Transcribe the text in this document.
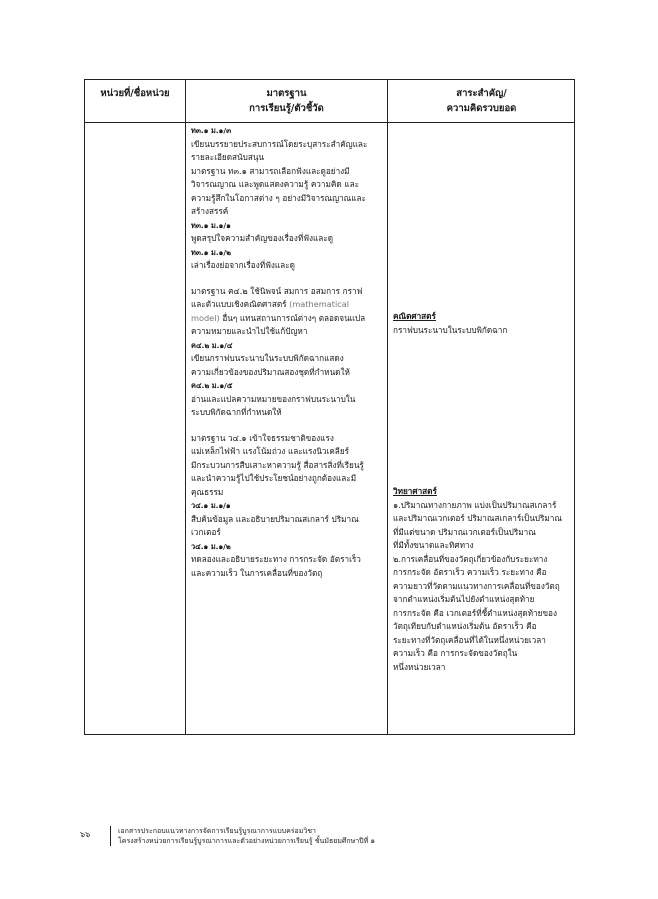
หน่วยที่/ชื่อหน่วย	มาตรฐาน
การเรียนรู้/ตัวชี้วัด
สาระสำคัญ/
ความคิดรวบยอด
ท๓.๑ ม.๑/๓
เขียนบรรยายประสบการณ์โดยระบุสาระสำคัญและ
รายละเอียดสนับสนุน
มาตรฐาน ท๓.๑ สามารถเลือกฟังและดูอย่างมี
วิจารณญาณ และพูดแสดงความรู้ ความคิด และ
ความรู้สึกในโอกาสต่าง ๆ อย่างมีวิจารณญาณและ
สร้างสรรค์
ท๓.๑ ม.๑/๑
พูดสรุปใจความสำคัญของเรื่องที่ฟังและดู
ท๓.๑ ม.๑/๒
เล่าเรื่องย่อจากเรื่องที่ฟังและดู
มาตรฐาน ค๔.๒ ใช้นิพจน์ สมการ อสมการ กราฟ
และตัวแบบเชิงคณิตศาสตร์ (mathematical
model) อื่นๆ แทนสถานการณ์ต่างๆ ตลอดจนแปล
ความหมายและนำไปใช้แก้ปัญหา
ค๔.๒ ม.๑/๔
เขียนกราฟบนระนาบในระบบพิกัดฉากแสดง
ความเกี่ยวข้องของปริมาณสองชุดที่กำหนดให้
ค๔.๒ ม.๑/๕
อ่านและแปลความหมายของกราฟบนระนาบใน
ระบบพิกัดฉากที่กำหนดให้
มาตรฐาน ว๔.๑ เข้าใจธรรมชาติของแรง
แม่เหล็กไฟฟ้า แรงโน้มถ่วง และแรงนิวเคลียร์
มีกระบวนการสืบเสาะหาความรู้ สื่อสารสิ่งที่เรียนรู้
และนำความรู้ไปใช้ประโยชน์อย่างถูกต้องและมี
คุณธรรม
ว๔.๑ ม.๑/๑
สืบค้นข้อมูล และอธิบายปริมาณสเกลาร์ ปริมาณ
เวกเตอร์
ว๔.๑ ม.๑/๒
ทดลองและอธิบายระยะทาง การกระจัด อัตราเร็ว
และความเร็ว ในการเคลื่อนที่ของวัตถุ
คณิตศาสตร์
กราฟบนระนาบในระบบพิกัดฉาก
วิทยาศาสตร์
๑.ปริมาณทางกายภาพ แบ่งเป็นปริมาณสเกลาร์
และปริมาณเวกเตอร์ ปริมาณสเกลาร์เป็นปริมาณ
ที่มีแต่ขนาด ปริมาณเวกเตอร์เป็นปริมาณ
ที่มีทั้งขนาดและทิศทาง
๒.การเคลื่อนที่ของวัตถุเกี่ยวข้องกับระยะทาง
การกระจัด อัตราเร็ว ความเร็ว ระยะทาง คือ
ความยาวที่วัดตามแนวทางการเคลื่อนที่ของวัตถุ
จากตำแหน่งเริ่มต้นไปยังตำแหน่งสุดท้าย
การกระจัด คือ เวกเตอร์ที่ชี้ตำแหน่งสุดท้ายของ
วัตถุเทียบกับตำแหน่งเริ่มต้น อัตราเร็ว คือ
ระยะทางที่วัตถุเคลื่อนที่ได้ในหนึ่งหน่วยเวลา
ความเร็ว คือ การกระจัดของวัตถุใน
หนึ่งหน่วยเวลา
๖๖	เอกสารประกอบแนวทางการจัดการเรียนรู้บูรณาการแบบคร่อมวิชา
โครงสร้างหน่วยการเรียนรู้บูรณาการและตัวอย่างหน่วยการเรียนรู้ ชั้นมัธยมศึกษาปีที่ ๑
